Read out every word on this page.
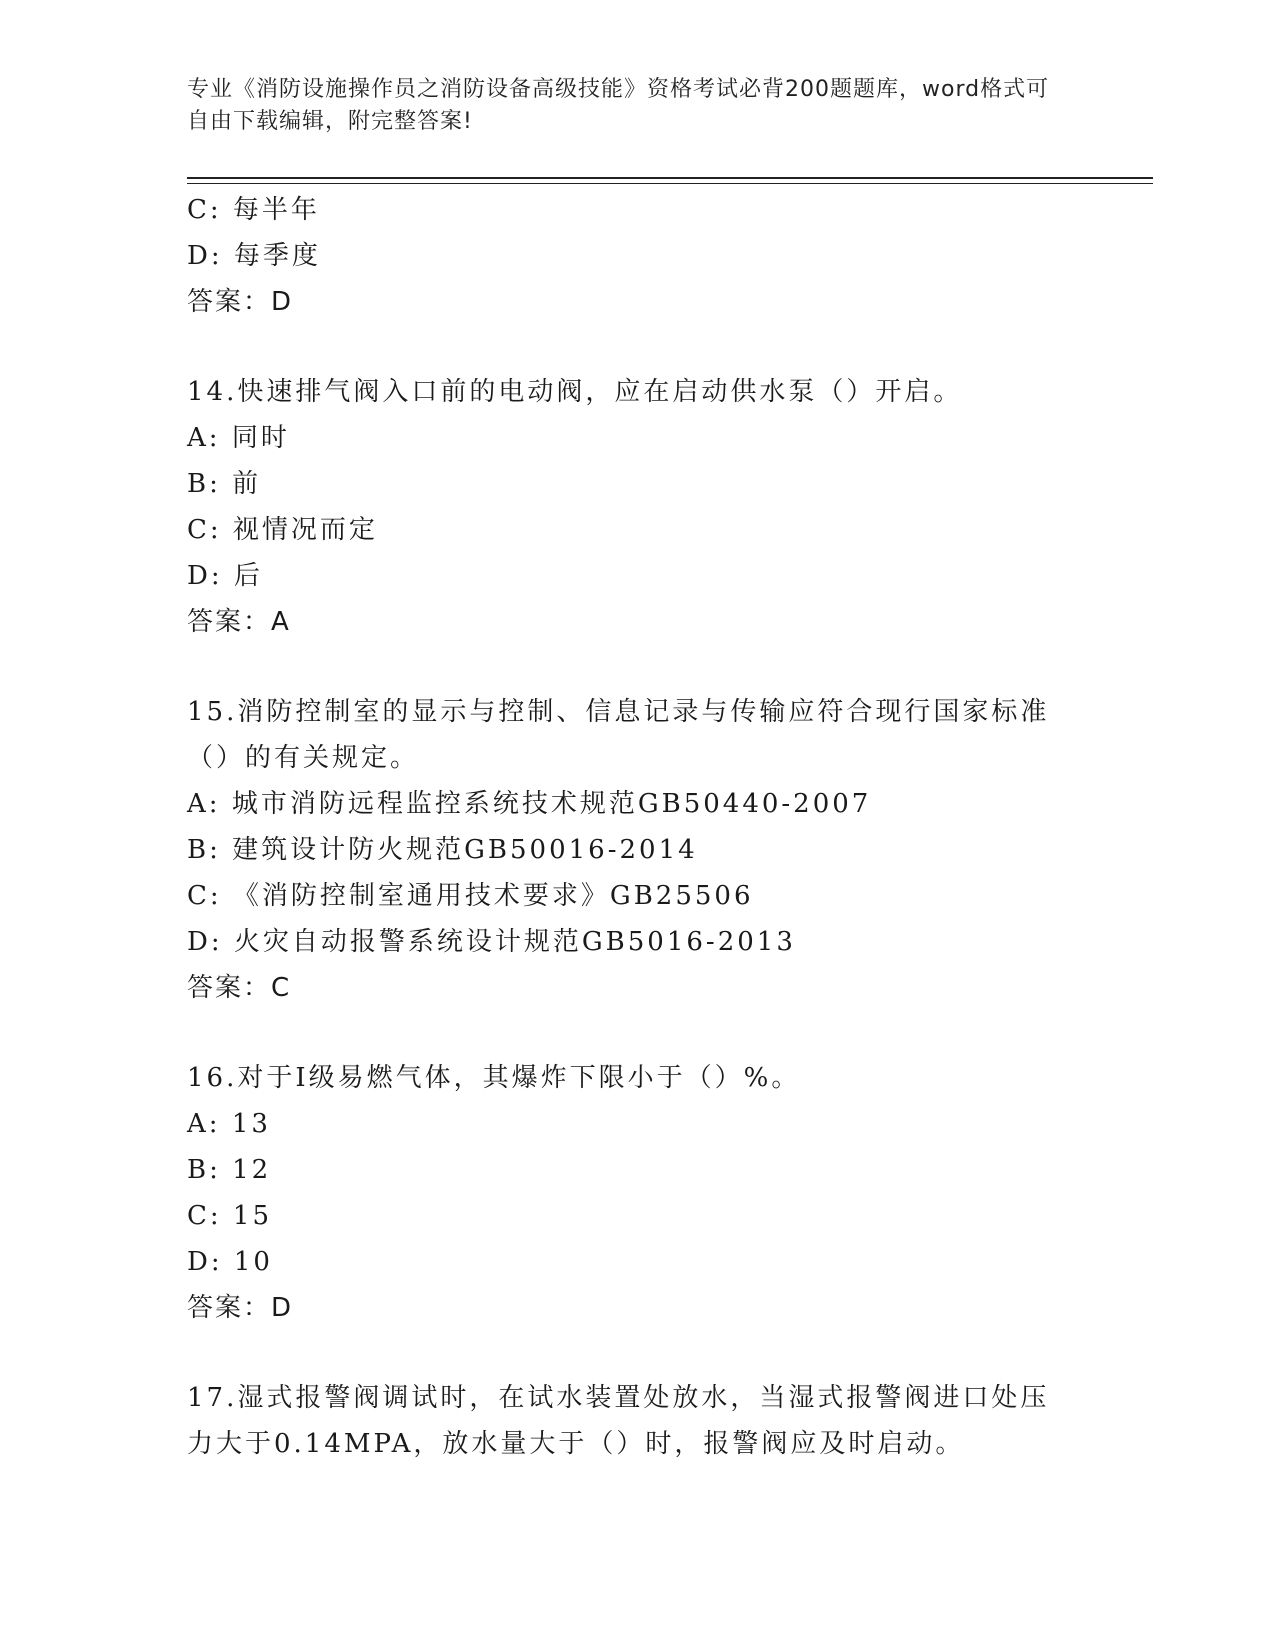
专业《消防设施操作员之消防设备高级技能》资格考试必背200题题库，word格式可自由下载编辑，附完整答案!
C: 每半年
D: 每季度
答案：D
14.快速排气阀入口前的电动阀，应在启动供水泵（）开启。
A: 同时
B: 前
C: 视情况而定
D: 后
答案：A
15.消防控制室的显示与控制、信息记录与传输应符合现行国家标准（）的有关规定。
A: 城市消防远程监控系统技术规范GB50440-2007
B: 建筑设计防火规范GB50016-2014
C: 《消防控制室通用技术要求》GB25506
D: 火灾自动报警系统设计规范GB5016-2013
答案：C
16.对于Ⅰ级易燃气体，其爆炸下限小于（）%。
A: 13
B: 12
C: 15
D: 10
答案：D
17.湿式报警阀调试时，在试水装置处放水，当湿式报警阀进口处压力大于0.14MPA，放水量大于（）时，报警阀应及时启动。
